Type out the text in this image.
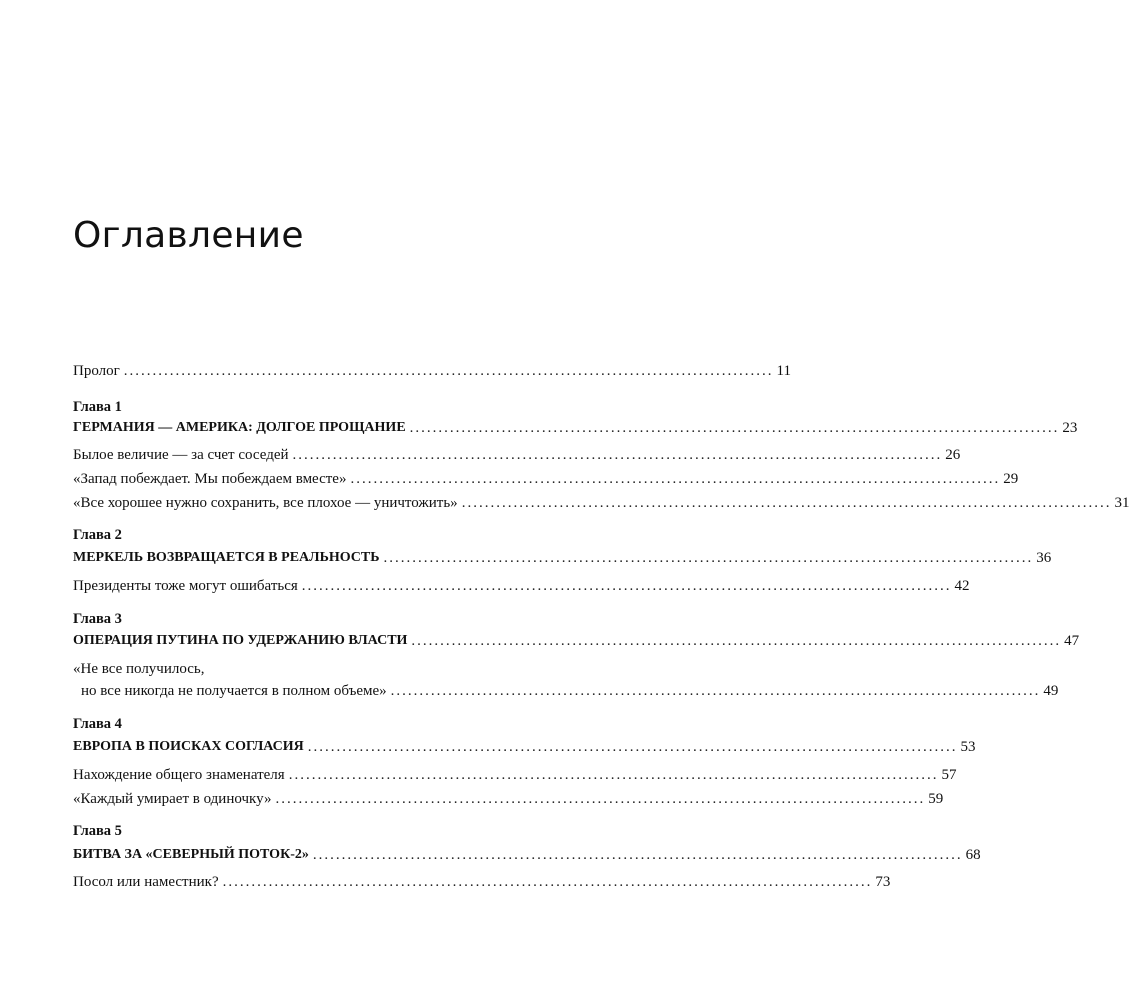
Оглавление
Пролог ................................................................................................................. 11
Глава 1
ГЕРМАНИЯ — АМЕРИКА: ДОЛГОЕ ПРОЩАНИЕ ................................................................................................................. 23
Былое величие — за счет соседей ................................................................................................................. 26
«Запад побеждает. Мы побеждаем вместе» ................................................................................................................. 29
«Все хорошее нужно сохранить, все плохое — уничтожить» ................................................................................................................. 31
Глава 2
МЕРКЕЛЬ ВОЗВРАЩАЕТСЯ В РЕАЛЬНОСТЬ ................................................................................................................. 36
Президенты тоже могут ошибаться ................................................................................................................. 42
Глава 3
ОПЕРАЦИЯ ПУТИНА ПО УДЕРЖАНИЮ ВЛАСТИ ................................................................................................................. 47
«Не все получилось,
но все никогда не получается в полном объеме» ................................................................................................................. 49
Глава 4
ЕВРОПА В ПОИСКАХ СОГЛАСИЯ ................................................................................................................. 53
Нахождение общего знаменателя ................................................................................................................. 57
«Каждый умирает в одиночку» ................................................................................................................. 59
Глава 5
БИТВА ЗА «СЕВЕРНЫЙ ПОТОК-2» ................................................................................................................. 68
Посол или наместник? ................................................................................................................. 73
